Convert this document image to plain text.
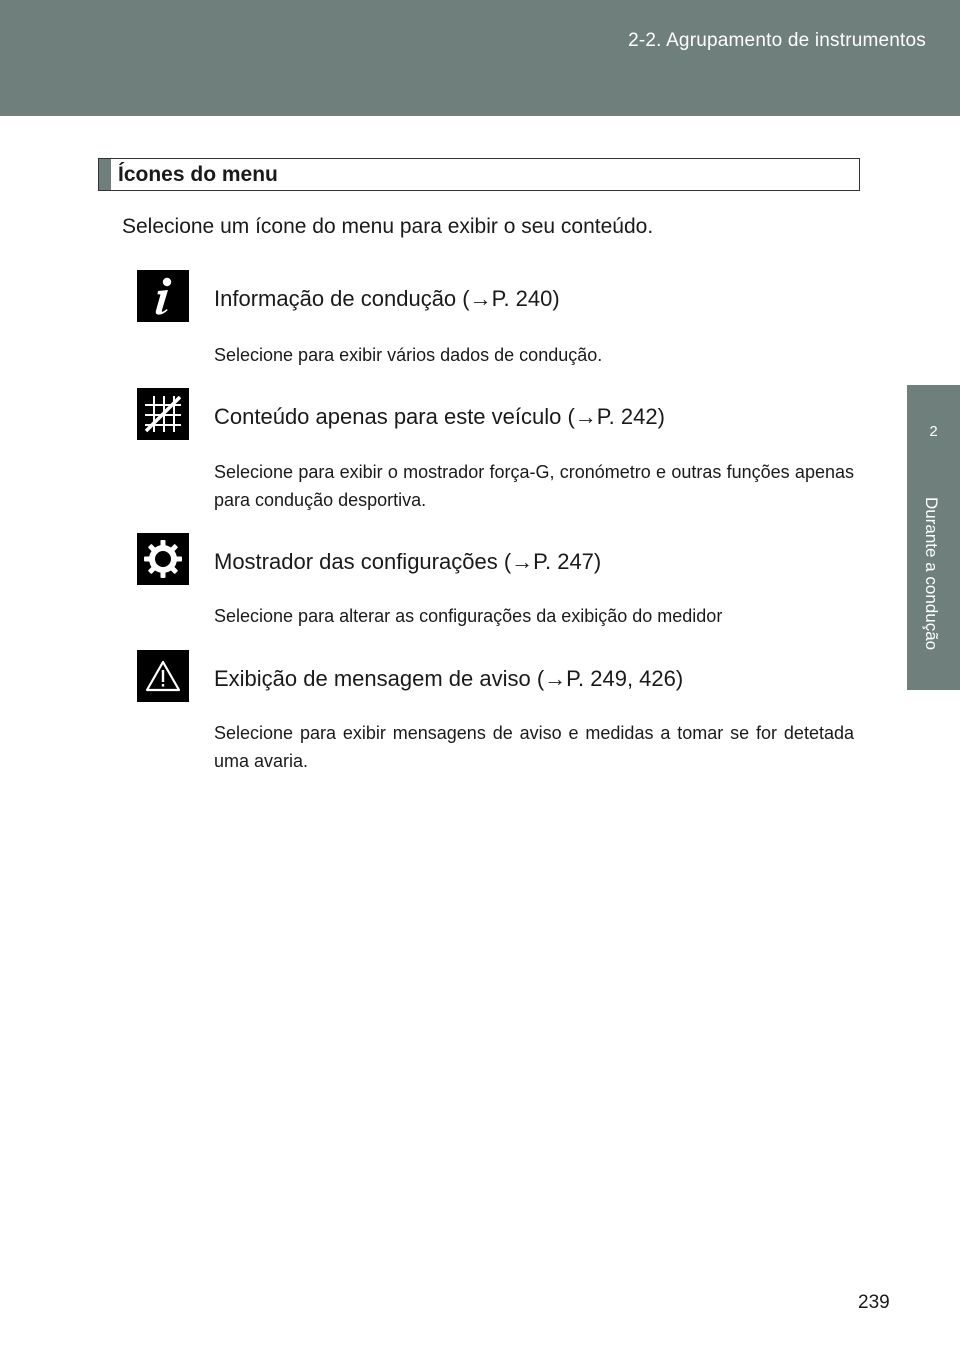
2-2. Agrupamento de instrumentos
2
Durante a condução
Ícones do menu
Selecione um ícone do menu para exibir o seu conteúdo.
Informação de condução (→P. 240)
Selecione para exibir vários dados de condução.
Conteúdo apenas para este veículo (→P. 242)
Selecione para exibir o mostrador força-G, cronómetro e outras funções apenas para condução desportiva.
Mostrador das configurações (→P. 247)
Selecione para alterar as configurações da exibição do medidor
Exibição de mensagem de aviso (→P. 249, 426)
Selecione para exibir mensagens de aviso e medidas a tomar se for detetada uma avaria.
239
